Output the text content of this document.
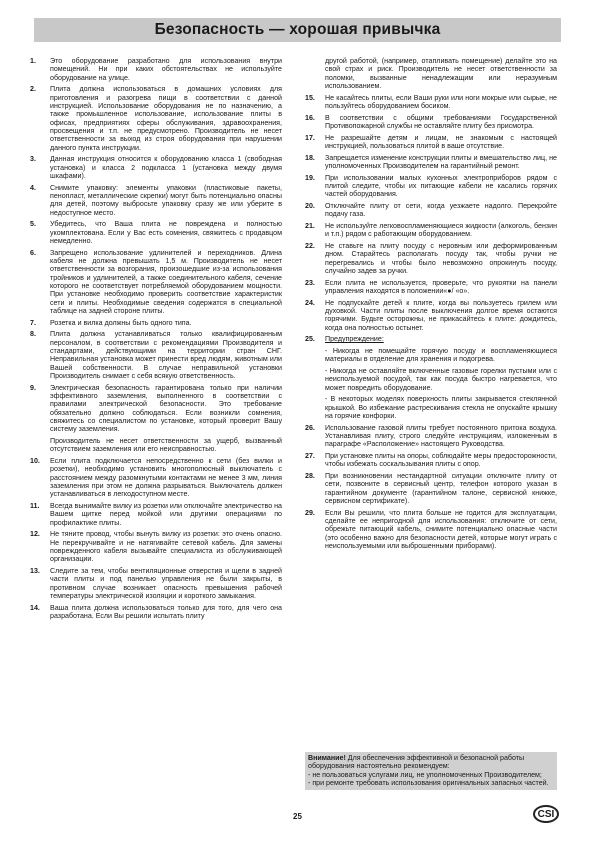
Безопасность — хорошая привычка
1.	Это оборудование разработано для использования внутри помещений. Ни при каких обстоятельствах не используйте оборудование на улице.
2.	Плита должна использоваться в домашних условиях для приготовления и разогрева пищи в соответствии с данной инструкцией. Использование оборудования не по назначению, а также промышленное использование, использование плиты в офисах, предприятиях сферы обслуживания, здравоохранения, просвещения и т.п. не предусмотрено. Производитель не несет ответственности за выход из строя оборудования при нарушении данного пункта инструкции.
3.	Данная инструкция относится к оборудованию класса 1 (свободная установка) и класса 2 подкласса 1 (установка между двумя шкафами).
4.	Снимите упаковку: элементы упаковки (пластиковые пакеты, пенопласт, металлические скрепки) могут быть потенциально опасны для детей, поэтому выбросьте упаковку сразу же или уберите в недоступное место.
5.	Убедитесь, что Ваша плита не повреждена и полностью укомплектована. Если у Вас есть сомнения, свяжитесь с продавцом немедленно.
6.	Запрещено использование удлинителей и переходников. Длина кабеля не должна превышать 1,5 м. Производитель не несет ответственности за возгорания, произошедшие из-за использования тройников и удлинителей, а также соединительного кабеля, сечение которого не соответствует потребляемой оборудованием мощности. При установке необходимо проверить соответствие характеристик сети и плиты. Необходимые сведения содержатся в специальной таблице на задней стороне плиты.
7.	Розетка и вилка должны быть одного типа.
8.	Плита должна устанавливаться только квалифицированным персоналом, в соответствии с рекомендациями Производителя и стандартами, действующими на территории стран СНГ. Неправильная установка может принести вред людям, животным или Вашей собственности. В случае неправильной установки Производитель снимает с себя всякую ответственность.
9.	Электрическая безопасность гарантирована только при наличии эффективного заземления, выполненного в соответствии с правилами электрической безопасности. Это требование обязательно должно соблюдаться. Если возникли сомнения, свяжитесь со специалистом по установке, который проверит Вашу систему заземления.
Производитель не несет ответственности за ущерб, вызванный отсутствием заземления или его неисправностью.
10.	Если плита подключается непосредственно к сети (без вилки и розетки), необходимо установить многополюсный выключатель с расстоянием между разомкнутыми контактами не менее 3 мм, линия заземления при этом не должна разрываться. Выключатель должен устанавливаться в легкодоступном месте.
11.	Всегда вынимайте вилку из розетки или отключайте электричество на Вашем щитке перед мойкой или другими операциями по профилактике плиты.
12.	Не тяните провод, чтобы вынуть вилку из розетки: это очень опасно. Не перекручивайте и не натягивайте сетевой кабель. Для замены поврежденного кабеля вызывайте специалиста из обслуживающей организации.
13.	Следите за тем, чтобы вентиляционные отверстия и щели в задней части плиты и под панелью управления не были закрыты, в противном случае возникает опасность превышения рабочей температуры электрической изоляции и короткого замыкания.
14.	Ваша плита должна использоваться только для того, для чего она разработана. Если Вы решили испытать плиту
другой работой, (например, отапливать помещение) делайте это на свой страх и риск. Производитель не несет ответственности за поломки, вызванные ненадлежащим или неразумным использованием.
15.	Не касайтесь плиты, если Ваши руки или ноги мокрые или сырые, не пользуйтесь оборудованием босиком.
16.	В соответствии с общими требованиями Государственной Противопожарной службы не оставляйте плиту без присмотра.
17.	Не разрешайте детям и лицам, не знакомым с настоящей инструкцией, пользоваться плитой в ваше отсутствие.
18.	Запрещается изменение конструкции плиты и вмешательство лиц, не уполномоченных Производителем на гарантийный ремонт.
19.	При использовании малых кухонных электроприборов рядом с плитой следите, чтобы их питающие кабели не касались горячих частей оборудования.
20.	Отключайте плиту от сети, когда уезжаете надолго. Перекройте подачу газа.
21.	Не используйте легковоспламеняющиеся жидкости (алкоголь, бензин и т.п.) рядом с работающим оборудованием.
22.	Не ставьте на плиту посуду с неровным или деформированным дном. Старайтесь располагать посуду так, чтобы ручки не перегревались и чтобы было невозможно опрокинуть посуду, случайно задев за ручки.
23.	Если плита не используется, проверьте, что рукоятки на панели управления находятся в положении«●/ «о».
24.	Не подпускайте детей к плите, когда вы пользуетесь грилем или духовкой. Части плиты после выключения долгое время остаются горячими. Будьте осторожны, не прикасайтесь к плите: дождитесь, когда она полностью остынет.
25.	Предупреждение:
- Никогда не помещайте горячую посуду и воспламеняющиеся материалы в отделение для хранения и подогрева.
- Никогда не оставляйте включенные газовые горелки пустыми или с неиспользуемой посудой, так как посуда быстро нагревается, что может повредить оборудование.
- В некоторых моделях поверхность плиты закрывается стеклянной крышкой. Во избежание растрескивания стекла не опускайте крышку на горячие конфорки.
26.	Использование газовой плиты требует постоянного притока воздуха. Устанавливая плиту, строго следуйте инструкциям, изложенным в параграфе «Расположение» настоящего Руководства.
27.	При установке плиты на опоры, соблюдайте меры предосторожности, чтобы избежать соскальзывания плиты с опор.
28.	При возникновении нестандартной ситуации отключите плиту от сети, позвоните в сервисный центр, телефон которого указан в гарантийном документе (гарантийном талоне, сервисной книжке, сервисном сертификате).
29.	Если Вы решили, что плита больше не годится для эксплуатации, сделайте ее непригодной для использования: отключите от сети, обрежьте питающий кабель, снимите потенциально опасные части (это особенно важно для безопасности детей, которые могут играть с неиспользуемыми или выброшенными приборами).
Внимание! Для обеспечения эффективной и безопасной работы оборудования настоятельно рекомендуем:
- не пользоваться услугами лиц, не уполномоченных Производителем;
- при ремонте требовать использования оригинальных запасных частей.
25	CSI
